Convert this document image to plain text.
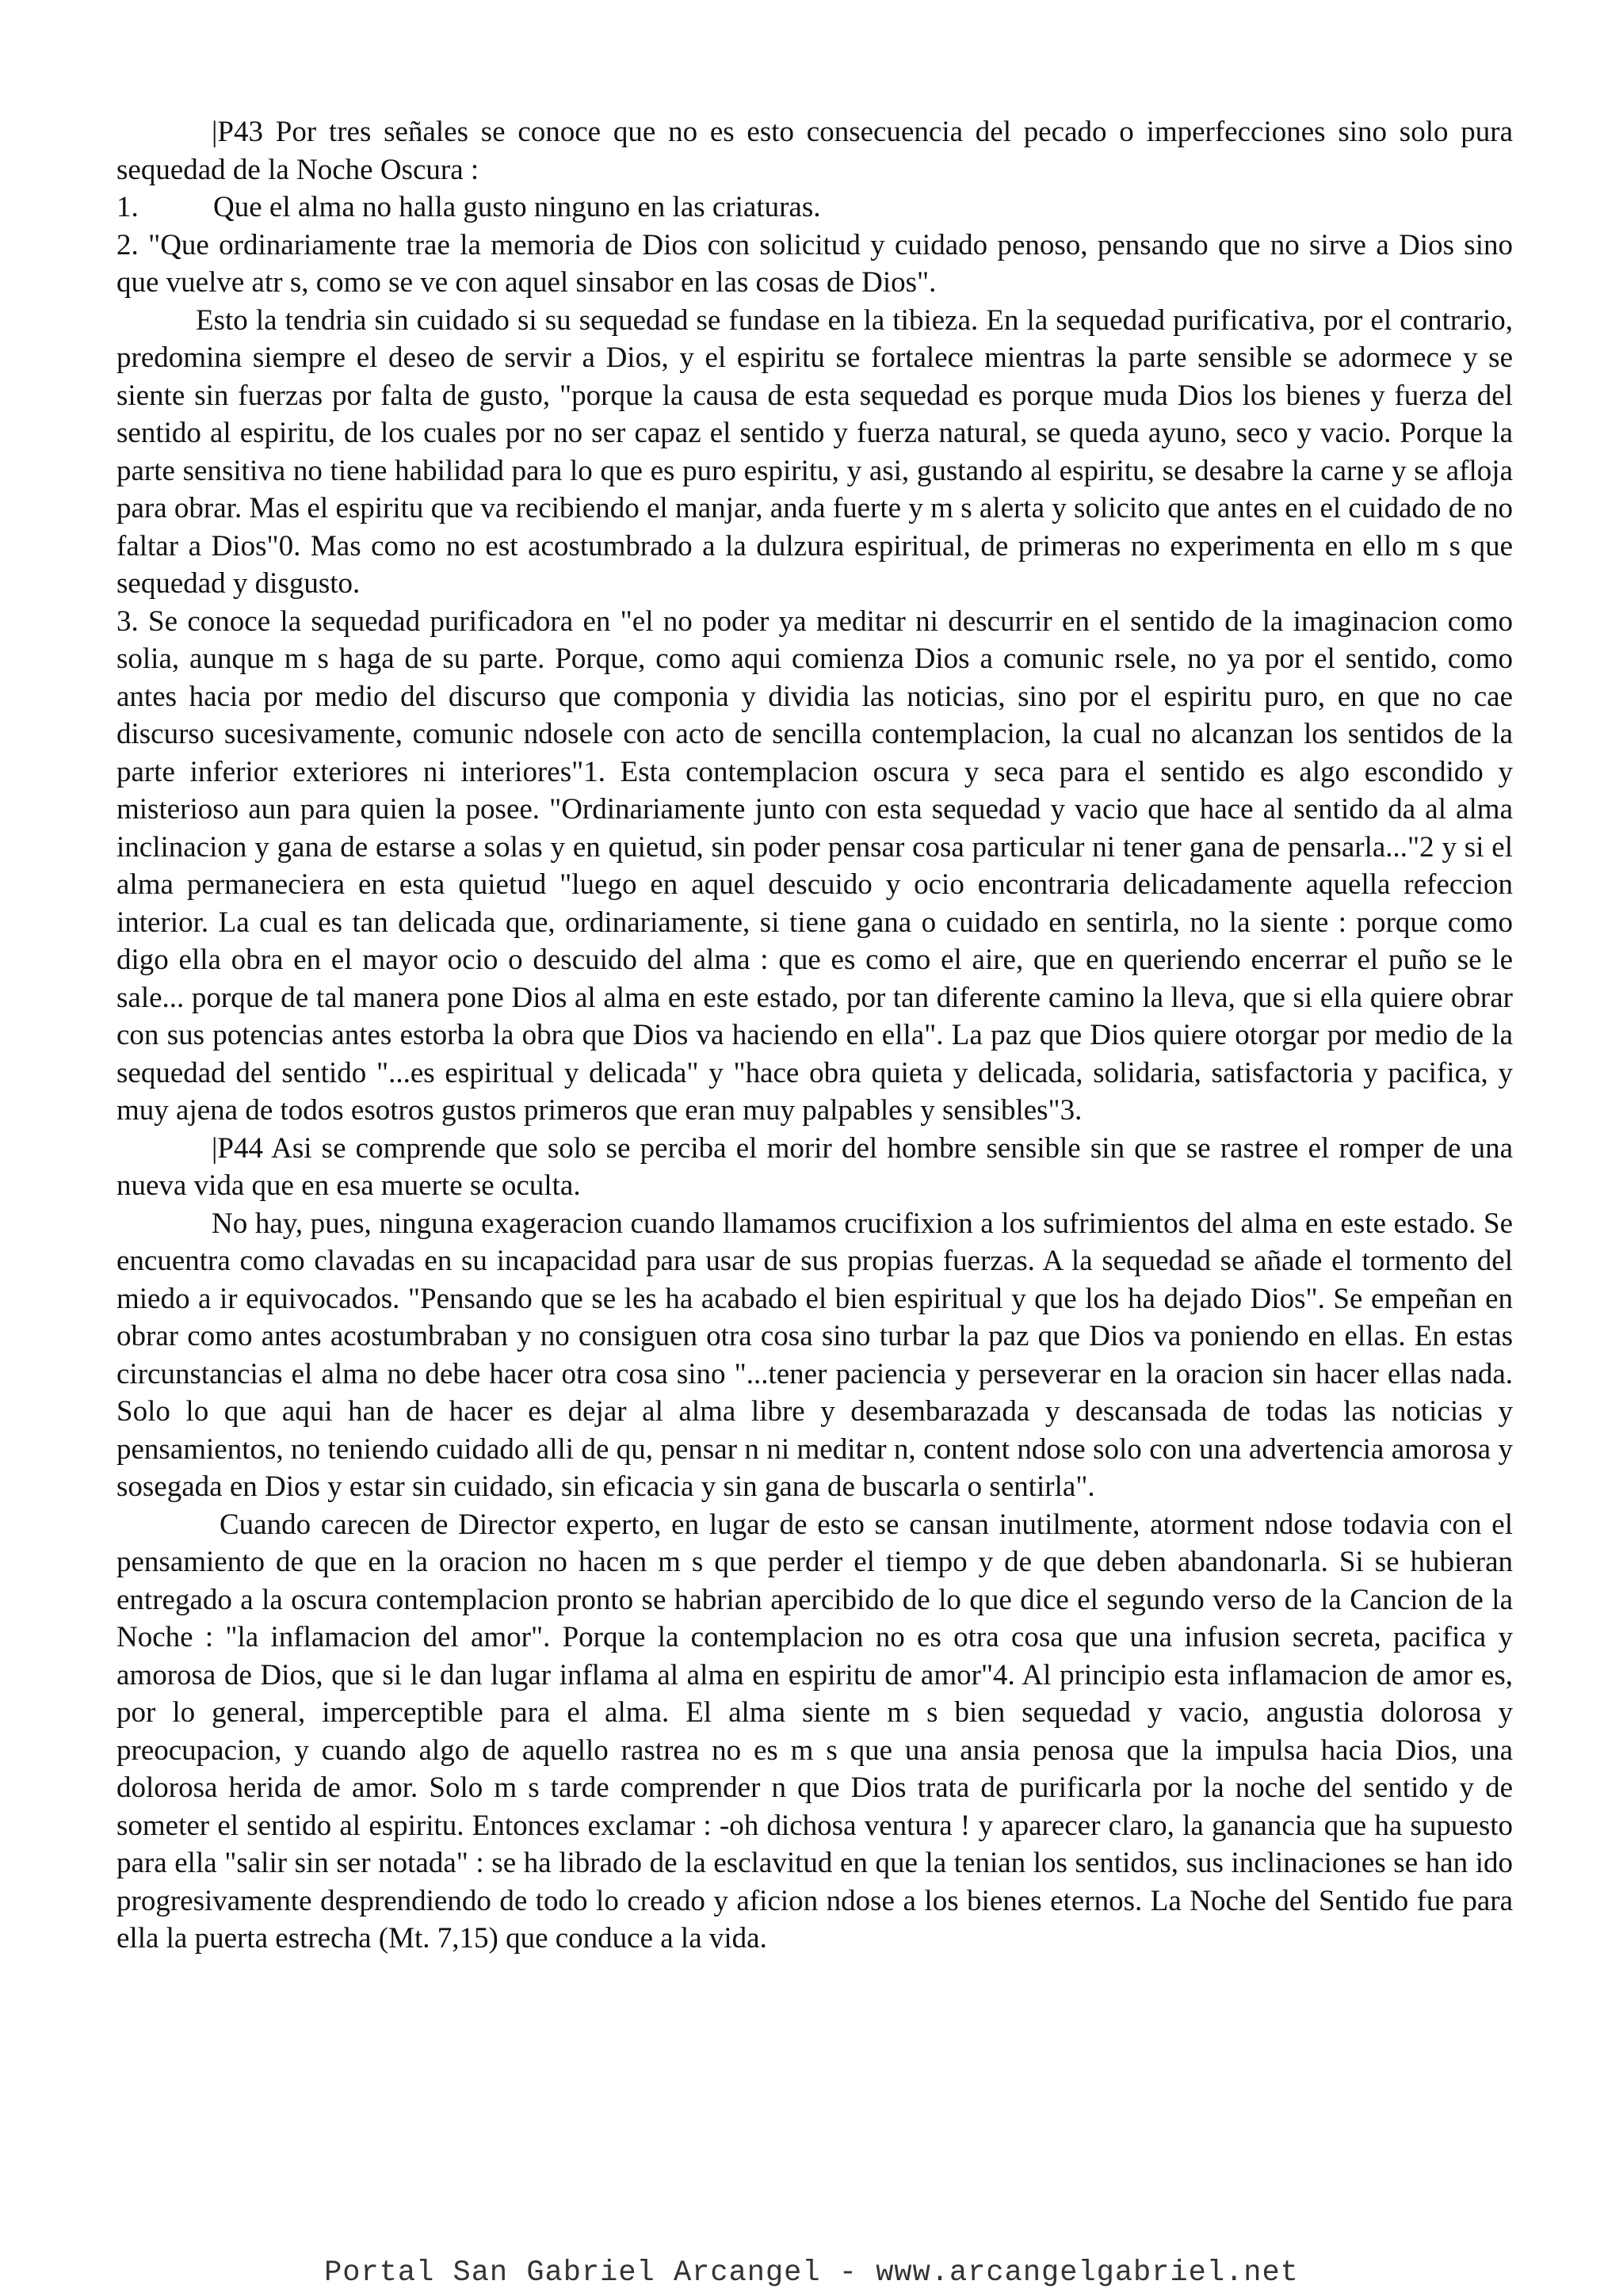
|P43 Por tres señales se conoce que no es esto consecuencia del pecado o imperfecciones sino solo pura sequedad de la Noche Oscura :

1.	Que el alma no halla gusto ninguno en las criaturas.

2. "Que ordinariamente trae la memoria de Dios con solicitud y cuidado penoso, pensando que no sirve a Dios sino que vuelve atr s, como se ve con aquel sinsabor en las cosas de Dios".

Esto la tendria sin cuidado si su sequedad se fundase en la tibieza. En la sequedad purificativa, por el contrario, predomina siempre el deseo de servir a Dios, y el espiritu se fortalece mientras la parte sensible se adormece y se siente sin fuerzas por falta de gusto, "porque la causa de esta sequedad es porque muda Dios los bienes y fuerza del sentido al espiritu, de los cuales por no ser capaz el sentido y fuerza natural, se queda ayuno, seco y vacio. Porque la parte sensitiva no tiene habilidad para lo que es puro espiritu, y asi, gustando al espiritu, se desabre la carne y se afloja para obrar. Mas el espiritu que va recibiendo el manjar, anda fuerte y m s alerta y solicito que antes en el cuidado de no faltar a Dios"0. Mas como no est acostumbrado a la dulzura espiritual, de primeras no experimenta en ello m s que sequedad y disgusto.

3. Se conoce la sequedad purificadora en "el no poder ya meditar ni descurrir en el sentido de la imaginacion como solia, aunque m s haga de su parte. Porque, como aqui comienza Dios a comunic rsele, no ya por el sentido, como antes hacia por medio del discurso que componia y dividia las noticias, sino por el espiritu puro, en que no cae discurso sucesivamente, comunic ndosele con acto de sencilla contemplacion, la cual no alcanzan los sentidos de la parte inferior exteriores ni interiores"1. Esta contemplacion oscura y seca para el sentido es algo escondido y misterioso aun para quien la posee. "Ordinariamente junto con esta sequedad y vacio que hace al sentido da al alma inclinacion y gana de estarse a solas y en quietud, sin poder pensar cosa particular ni tener gana de pensarla..."2 y si el alma permaneciera en esta quietud "luego en aquel descuido y ocio encontraria delicadamente aquella refeccion interior. La cual es tan delicada que, ordinariamente, si tiene gana o cuidado en sentirla, no la siente : porque como digo ella obra en el mayor ocio o descuido del alma : que es como el aire, que en queriendo encerrar el puño se le sale... porque de tal manera pone Dios al alma en este estado, por tan diferente camino la lleva, que si ella quiere obrar con sus potencias antes estorba la obra que Dios va haciendo en ella". La paz que Dios quiere otorgar por medio de la sequedad del sentido "...es espiritual y delicada" y "hace obra quieta y delicada, solidaria, satisfactoria y pacifica, y muy ajena de todos esotros gustos primeros que eran muy palpables y sensibles"3.

|P44 Asi se comprende que solo se perciba el morir del hombre sensible sin que se rastree el romper de una nueva vida que en esa muerte se oculta.

No hay, pues, ninguna exageracion cuando llamamos crucifixion a los sufrimientos del alma en este estado. Se encuentra como clavadas en su incapacidad para usar de sus propias fuerzas. A la sequedad se añade el tormento del miedo a ir equivocados. "Pensando que se les ha acabado el bien espiritual y que los ha dejado Dios". Se empeñan en obrar como antes acostumbraban y no consiguen otra cosa sino turbar la paz que Dios va poniendo en ellas. En estas circunstancias el alma no debe hacer otra cosa sino "...tener paciencia y perseverar en la oracion sin hacer ellas nada. Solo lo que aqui han de hacer es dejar al alma libre y desembarazada y descansada de todas las noticias y pensamientos, no teniendo cuidado alli de qu, pensar n ni meditar n, content ndose solo con una advertencia amorosa y sosegada en Dios y estar sin cuidado, sin eficacia y sin gana de buscarla o sentirla".

Cuando carecen de Director experto, en lugar de esto se cansan inutilmente, atorment ndose todavia con el pensamiento de que en la oracion no hacen m s que perder el tiempo y de que deben abandonarla. Si se hubieran entregado a la oscura contemplacion pronto se habrian apercibido de lo que dice el segundo verso de la Cancion de la Noche : "la inflamacion del amor". Porque la contemplacion no es otra cosa que una infusion secreta, pacifica y amorosa de Dios, que si le dan lugar inflama al alma en espiritu de amor"4. Al principio esta inflamacion de amor es, por lo general, imperceptible para el alma. El alma siente m s bien sequedad y vacio, angustia dolorosa y preocupacion, y cuando algo de aquello rastrea no es m s que una ansia penosa que la impulsa hacia Dios, una dolorosa herida de amor. Solo m s tarde comprender n que Dios trata de purificarla por la noche del sentido y de someter el sentido al espiritu. Entonces exclamar : -oh dichosa ventura ! y aparecer claro, la ganancia que ha supuesto para ella "salir sin ser notada" : se ha librado de la esclavitud en que la tenian los sentidos, sus inclinaciones se han ido progresivamente desprendiendo de todo lo creado y aficion ndose a los bienes eternos. La Noche del Sentido fue para ella la puerta estrecha (Mt. 7,15) que conduce a la vida.

Portal San Gabriel Arcangel - www.arcangelgabriel.net
